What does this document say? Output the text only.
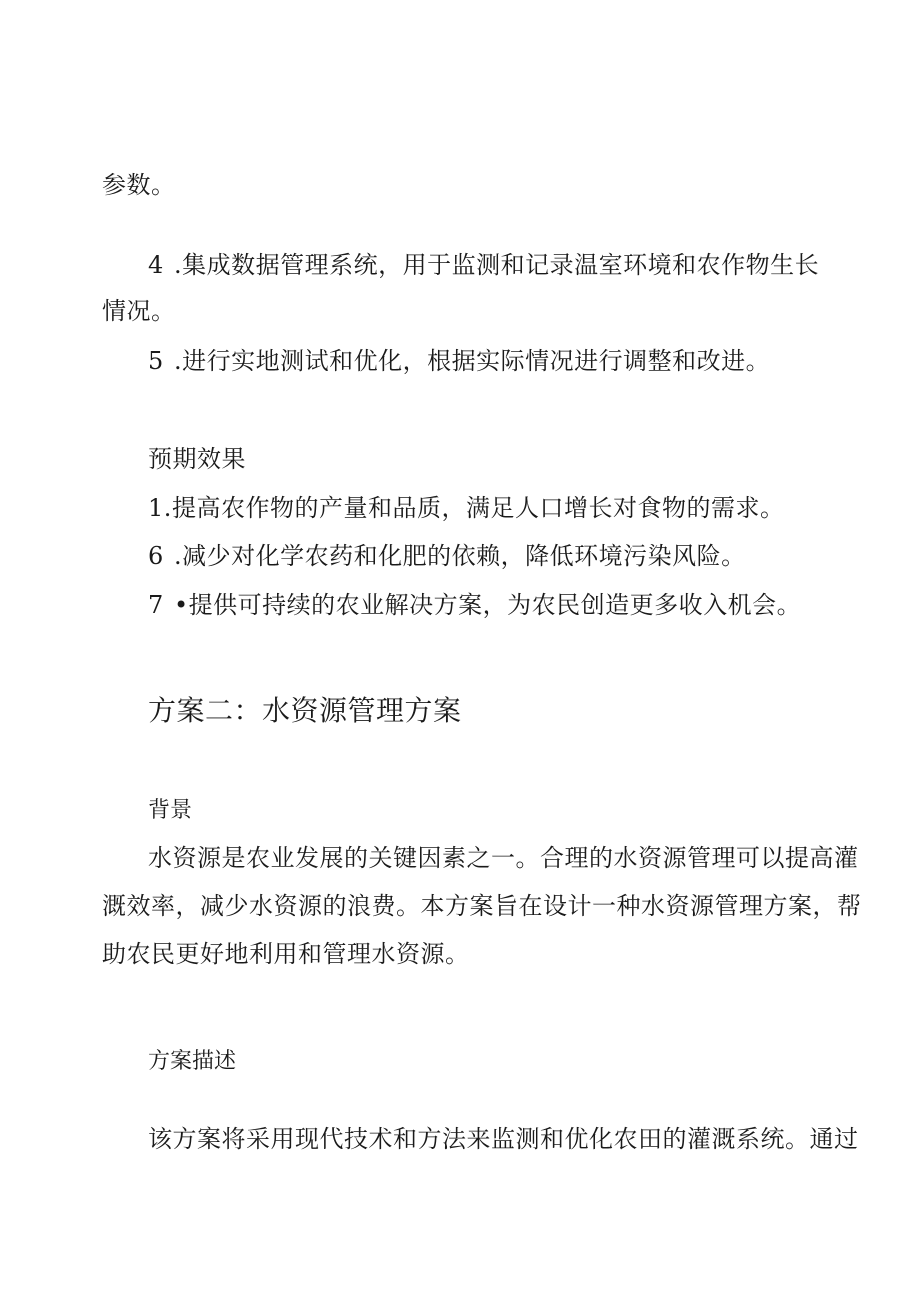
参数。
4 .集成数据管理系统，用于监测和记录温室环境和农作物生长
情况。
5 .进行实地测试和优化，根据实际情况进行调整和改进。
预期效果
1.提高农作物的产量和品质，满足人口增长对食物的需求。
6 .减少对化学农药和化肥的依赖，降低环境污染风险。
7 •提供可持续的农业解决方案，为农民创造更多收入机会。
方案二：水资源管理方案
背景
水资源是农业发展的关键因素之一。合理的水资源管理可以提高灌
溉效率，减少水资源的浪费。本方案旨在设计一种水资源管理方案，帮
助农民更好地利用和管理水资源。
方案描述
该方案将采用现代技术和方法来监测和优化农田的灌溉系统。通过
